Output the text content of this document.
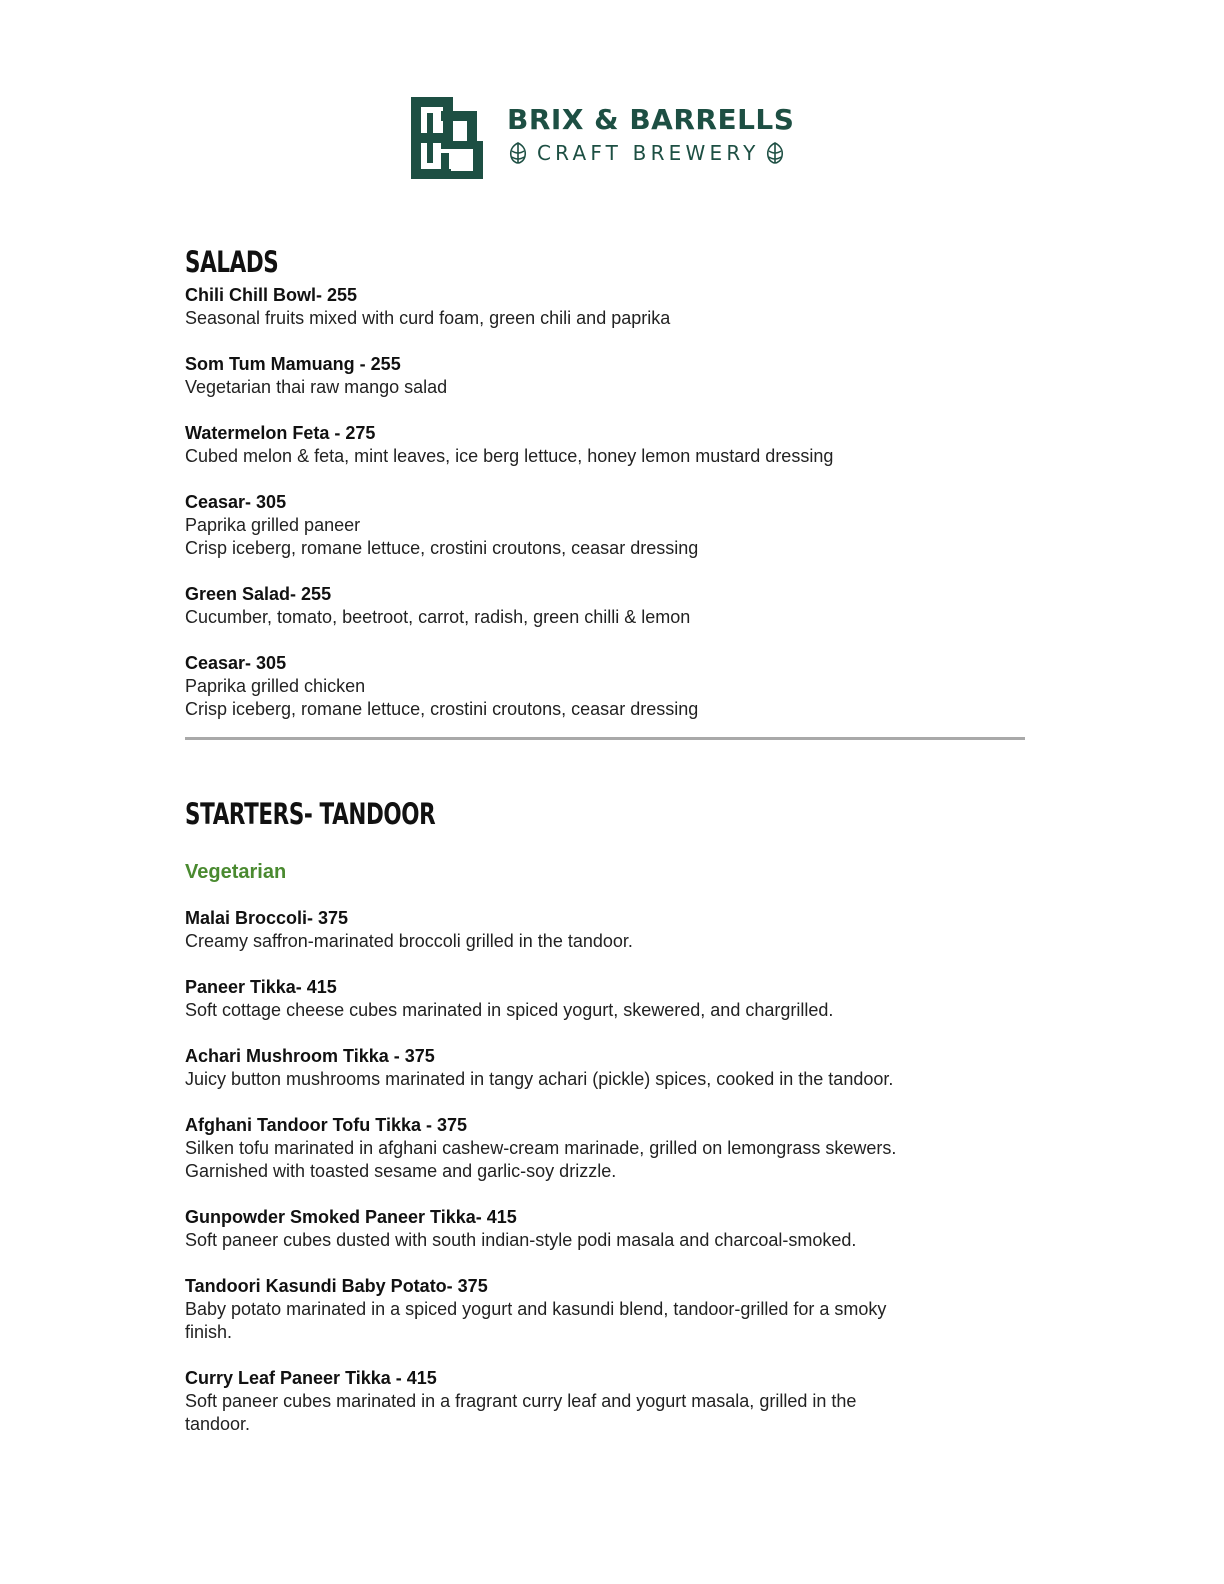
BRIX & BARRELLS
CRAFT BREWERY
SALADS
Chili Chill Bowl- 255
Seasonal fruits mixed with curd foam, green chili and paprika
Som Tum Mamuang - 255
Vegetarian thai raw mango salad
Watermelon Feta - 275
Cubed melon & feta, mint leaves, ice berg lettuce, honey lemon mustard dressing
Ceasar- 305
Paprika grilled paneer
Crisp iceberg, romane lettuce, crostini croutons, ceasar dressing
Green Salad- 255
Cucumber, tomato, beetroot, carrot, radish, green chilli & lemon
Ceasar- 305
Paprika grilled chicken
Crisp iceberg, romane lettuce, crostini croutons, ceasar dressing
STARTERS- TANDOOR
Vegetarian
Malai Broccoli- 375
Creamy saffron-marinated broccoli grilled in the tandoor.
Paneer Tikka- 415
Soft cottage cheese cubes marinated in spiced yogurt, skewered, and chargrilled.
Achari Mushroom Tikka - 375
Juicy button mushrooms marinated in tangy achari (pickle) spices, cooked in the tandoor.
Afghani Tandoor Tofu Tikka - 375
Silken tofu marinated in afghani cashew-cream marinade, grilled on lemongrass skewers.
Garnished with toasted sesame and garlic-soy drizzle.
Gunpowder Smoked Paneer Tikka- 415
Soft paneer cubes dusted with south indian-style podi masala and charcoal-smoked.
Tandoori Kasundi Baby Potato- 375
Baby potato marinated in a spiced yogurt and kasundi blend, tandoor-grilled for a smoky
finish.
Curry Leaf Paneer Tikka - 415
Soft paneer cubes marinated in a fragrant curry leaf and yogurt masala, grilled in the
tandoor.
